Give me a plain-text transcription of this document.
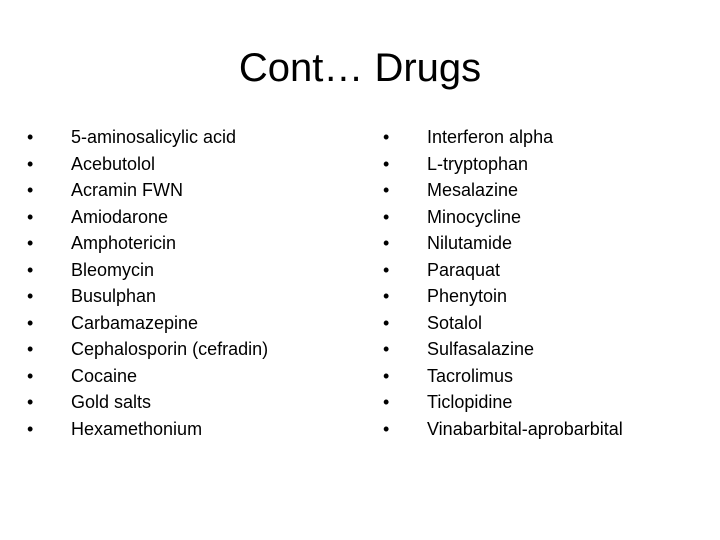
Cont… Drugs
•	5-aminosalicylic acid
•	Acebutolol
•	Acramin FWN
•	Amiodarone
•	Amphotericin
•	Bleomycin
•	Busulphan
•	Carbamazepine
•	Cephalosporin (cefradin)
•	Cocaine
•	Gold salts
•	Hexamethonium
•	Interferon alpha
•	L-tryptophan
•	Mesalazine
•	Minocycline
•	Nilutamide
•	Paraquat
•	Phenytoin
•	Sotalol
•	Sulfasalazine
•	Tacrolimus
•	Ticlopidine
•	Vinabarbital-aprobarbital
